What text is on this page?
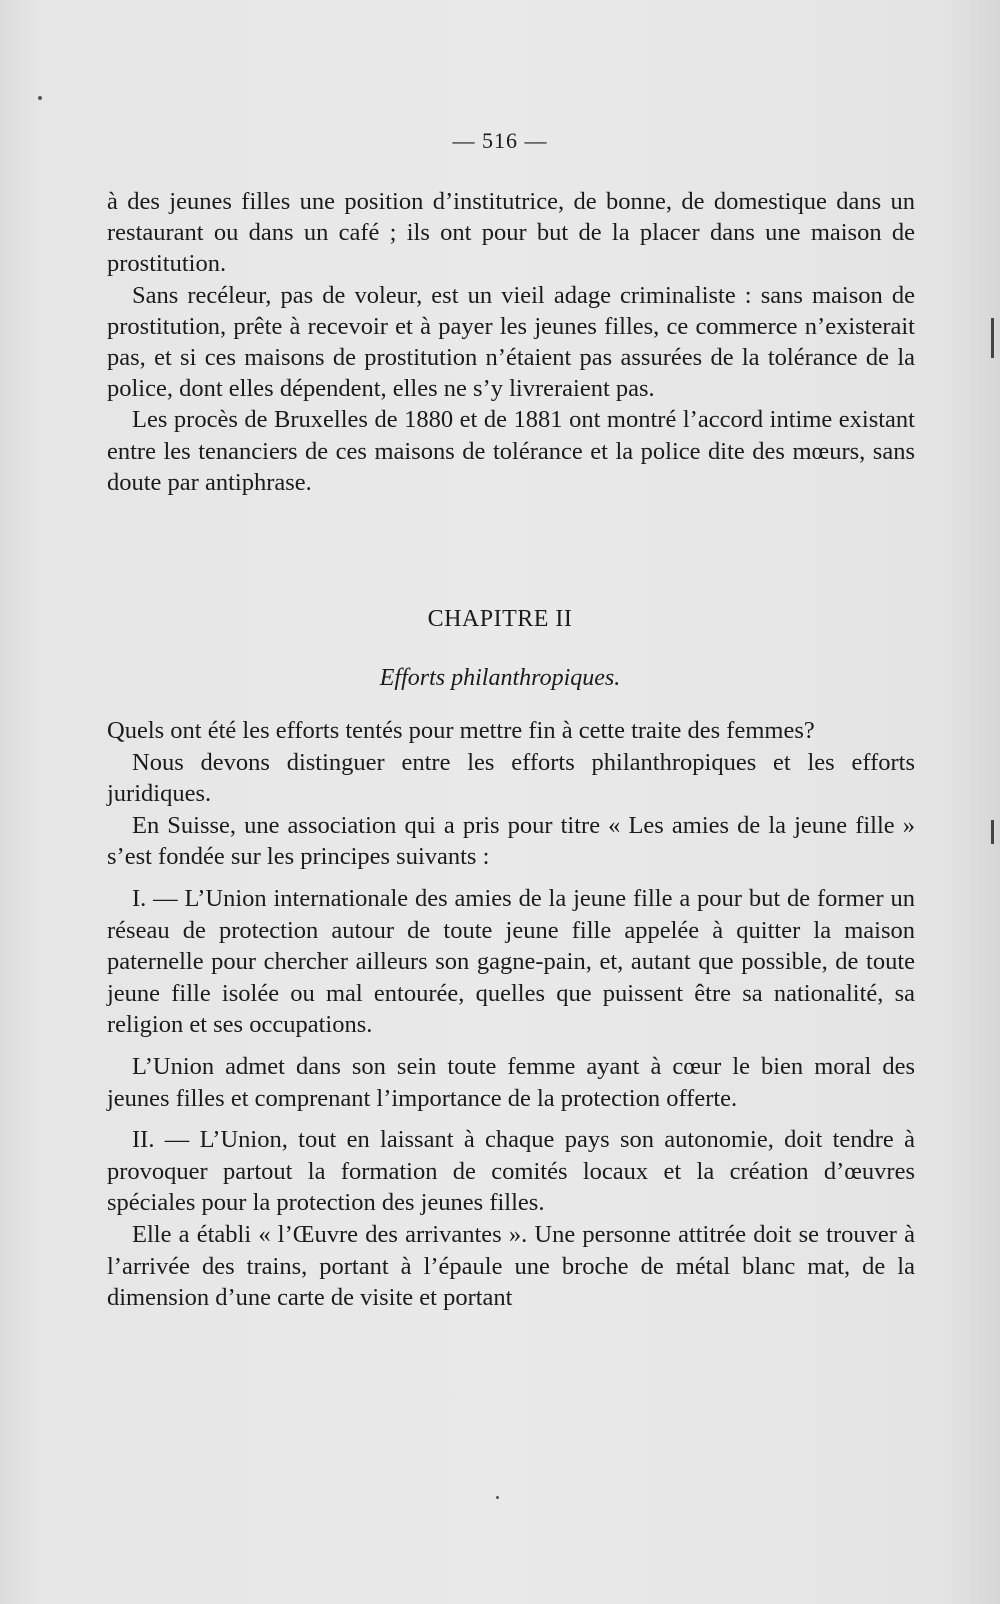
— 516 —

à des jeunes filles une position d’institutrice, de bonne, de domestique dans un restaurant ou dans un café ; ils ont pour but de la placer dans une maison de prostitution.

Sans recéleur, pas de voleur, est un vieil adage criminaliste : sans maison de prostitution, prête à recevoir et à payer les jeunes filles, ce commerce n’existerait pas, et si ces maisons de prostitution n’étaient pas assurées de la tolérance de la police, dont elles dépendent, elles ne s’y livreraient pas.

Les procès de Bruxelles de 1880 et de 1881 ont montré l’accord intime existant entre les tenanciers de ces maisons de tolérance et la police dite des mœurs, sans doute par antiphrase.

CHAPITRE II
Efforts philanthropiques.

Quels ont été les efforts tentés pour mettre fin à cette traite des femmes?

Nous devons distinguer entre les efforts philanthropiques et les efforts juridiques.

En Suisse, une association qui a pris pour titre « Les amies de la jeune fille » s’est fondée sur les principes suivants :

I. — L’Union internationale des amies de la jeune fille a pour but de former un réseau de protection autour de toute jeune fille appelée à quitter la maison paternelle pour chercher ailleurs son gagne-pain, et, autant que possible, de toute jeune fille isolée ou mal entourée, quelles que puissent être sa nationalité, sa religion et ses occupations.

L’Union admet dans son sein toute femme ayant à cœur le bien moral des jeunes filles et comprenant l’importance de la protection offerte.

II. — L’Union, tout en laissant à chaque pays son autonomie, doit tendre à provoquer partout la formation de comités locaux et la création d’œuvres spéciales pour la protection des jeunes filles.

Elle a établi « l’Œuvre des arrivantes ». Une personne attitrée doit se trouver à l’arrivée des trains, portant à l’épaule une broche de métal blanc mat, de la dimension d’une carte de visite et portant
